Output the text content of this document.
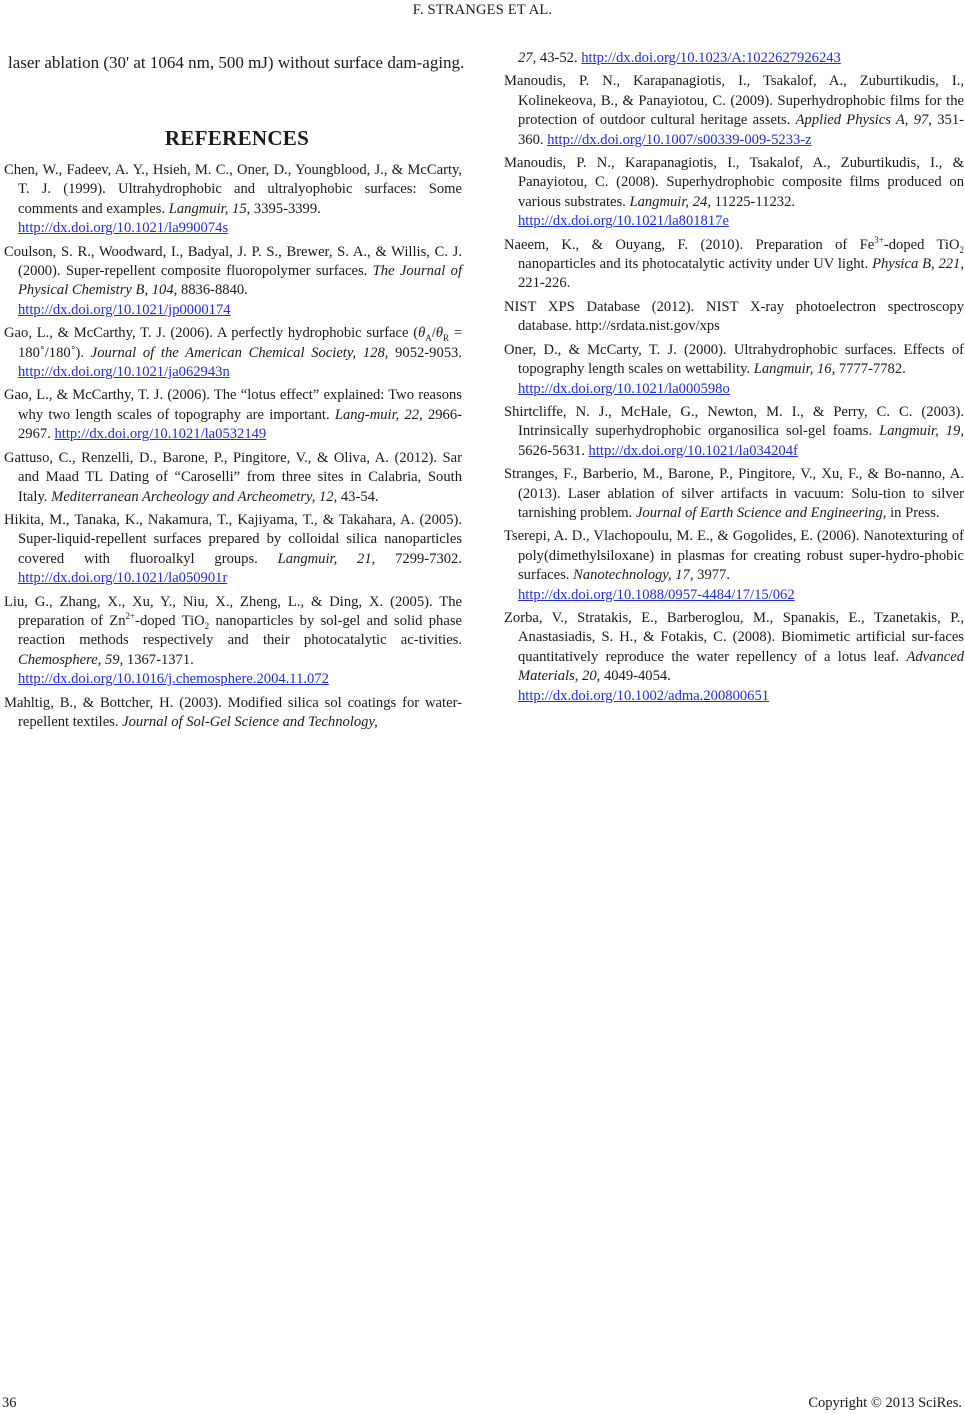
F. STRANGES ET AL.

laser ablation (30' at 1064 nm, 500 mJ) without surface dam-aging.

REFERENCES
Chen, W., Fadeev, A. Y., Hsieh, M. C., Oner, D., Youngblood, J., & McCarty, T. J. (1999). Ultrahydrophobic and ultralyophobic surfaces: Some comments and examples. Langmuir, 15, 3395-3399.
http://dx.doi.org/10.1021/la990074s
Coulson, S. R., Woodward, I., Badyal, J. P. S., Brewer, S. A., & Willis, C. J. (2000). Super-repellent composite fluoropolymer surfaces. The Journal of Physical Chemistry B, 104, 8836-8840.
http://dx.doi.org/10.1021/jp0000174
Gao, L., & McCarthy, T. J. (2006). A perfectly hydrophobic surface ($\theta_A/\theta_R$ = 180˚/180˚). Journal of the American Chemical Society, 128, 9052-9053. http://dx.doi.org/10.1021/ja062943n
Gao, L., & McCarthy, T. J. (2006). The “lotus effect” explained: Two reasons why two length scales of topography are important. Lang-muir, 22, 2966-2967. http://dx.doi.org/10.1021/la0532149
Gattuso, C., Renzelli, D., Barone, P., Pingitore, V., & Oliva, A. (2012). Sar and Maad TL Dating of “Caroselli” from three sites in Calabria, South Italy. Mediterranean Archeology and Archeometry, 12, 43-54.
Hikita, M., Tanaka, K., Nakamura, T., Kajiyama, T., & Takahara, A. (2005). Super-liquid-repellent surfaces prepared by colloidal silica nanoparticles covered with fluoroalkyl groups. Langmuir, 21, 7299-7302. http://dx.doi.org/10.1021/la050901r
Liu, G., Zhang, X., Xu, Y., Niu, X., Zheng, L., & Ding, X. (2005). The preparation of $Zn^{2+}$-doped TiO$_2$ nanoparticles by sol-gel and solid phase reaction methods respectively and their photocatalytic ac-tivities. Chemosphere, 59, 1367-1371.
http://dx.doi.org/10.1016/j.chemosphere.2004.11.072
Mahltig, B., & Bottcher, H. (2003). Modified silica sol coatings for water-repellent textiles. Journal of Sol-Gel Science and Technology,
27, 43-52. http://dx.doi.org/10.1023/A:1022627926243
Manoudis, P. N., Karapanagiotis, I., Tsakalof, A., Zuburtikudis, I., Kolinekeova, B., & Panayiotou, C. (2009). Superhydrophobic films for the protection of outdoor cultural heritage assets. Applied Physics A, 97, 351-360. http://dx.doi.org/10.1007/s00339-009-5233-z
Manoudis, P. N., Karapanagiotis, I., Tsakalof, A., Zuburtikudis, I., & Panayiotou, C. (2008). Superhydrophobic composite films produced on various substrates. Langmuir, 24, 11225-11232.
http://dx.doi.org/10.1021/la801817e
Naeem, K., & Ouyang, F. (2010). Preparation of $Fe^{3+}$-doped TiO$_2$ nanoparticles and its photocatalytic activity under UV light. Physica B, 221, 221-226.
NIST XPS Database (2012). NIST X-ray photoelectron spectroscopy database. http://srdata.nist.gov/xps
Oner, D., & McCarty, T. J. (2000). Ultrahydrophobic surfaces. Effects of topography length scales on wettability. Langmuir, 16, 7777-7782.
http://dx.doi.org/10.1021/la000598o
Shirtcliffe, N. J., McHale, G., Newton, M. I., & Perry, C. C. (2003). Intrinsically superhydrophobic organosilica sol-gel foams. Langmuir, 19, 5626-5631. http://dx.doi.org/10.1021/la034204f
Stranges, F., Barberio, M., Barone, P., Pingitore, V., Xu, F., & Bo-nanno, A. (2013). Laser ablation of silver artifacts in vacuum: Solu-tion to silver tarnishing problem. Journal of Earth Science and Engineering, in Press.
Tserepi, A. D., Vlachopoulu, M. E., & Gogolides, E. (2006). Nanotexturing of poly(dimethylsiloxane) in plasmas for creating robust super-hydro-phobic surfaces. Nanotechnology, 17, 3977.
http://dx.doi.org/10.1088/0957-4484/17/15/062
Zorba, V., Stratakis, E., Barberoglou, M., Spanakis, E., Tzanetakis, P., Anastasiadis, S. H., & Fotakis, C. (2008). Biomimetic artificial sur-faces quantitatively reproduce the water repellency of a lotus leaf. Advanced Materials, 20, 4049-4054.
http://dx.doi.org/10.1002/adma.200800651
36	Copyright © 2013 SciRes.
